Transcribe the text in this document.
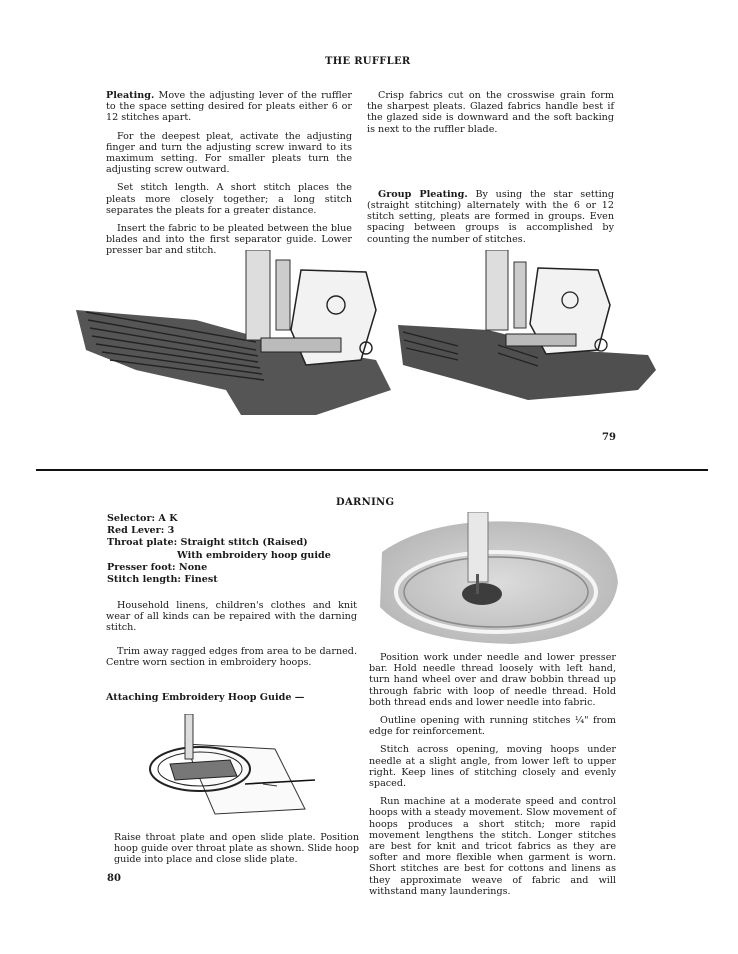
THE RUFFLER

Pleating. Move the adjusting lever of the ruffler to the space setting desired for pleats either 6 or 12 stitches apart.

For the deepest pleat, activate the adjusting finger and turn the adjusting screw inward to its maximum setting. For smaller pleats turn the adjusting screw outward.

Set stitch length. A short stitch places the pleats more closely together; a long stitch separates the pleats for a greater distance.

Insert the fabric to be pleated between the blue blades and into the first separator guide. Lower presser bar and stitch.

Crisp fabrics cut on the crosswise grain form the sharpest pleats. Glazed fabrics handle best if the glazed side is downward and the soft backing is next to the ruffler blade.

Group Pleating. By using the star setting (straight stitching) alternately with the 6 or 12 stitch setting, pleats are formed in groups. Even spacing between groups is accomplished by counting the number of stitches.

79
DARNING
Selector: A K
Red Lever: 3
Throat plate: Straight stitch (Raised)
With embroidery hoop guide
Presser foot: None
Stitch length: Finest

Household linens, children's clothes and knit wear of all kinds can be repaired with the darning stitch.

Trim away ragged edges from area to be darned. Centre worn section in embroidery hoops.

Attaching Embroidery Hoop Guide —

Raise throat plate and open slide plate. Position hoop guide over throat plate as shown. Slide hoop guide into place and close slide plate.

80

Position work under needle and lower presser bar. Hold needle thread loosely with left hand, turn hand wheel over and draw bobbin thread up through fabric with loop of needle thread. Hold both thread ends and lower needle into fabric.

Outline opening with running stitches ¼" from edge for reinforcement.

Stitch across opening, moving hoops under needle at a slight angle, from lower left to upper right. Keep lines of stitching closely and evenly spaced.

Run machine at a moderate speed and control hoops with a steady movement. Slow movement of hoops produces a short stitch; more rapid movement lengthens the stitch. Longer stitches are best for knit and tricot fabrics as they are softer and more flexible when garment is worn. Short stitches are best for cottons and linens as they approximate weave of fabric and will withstand many launderings.
